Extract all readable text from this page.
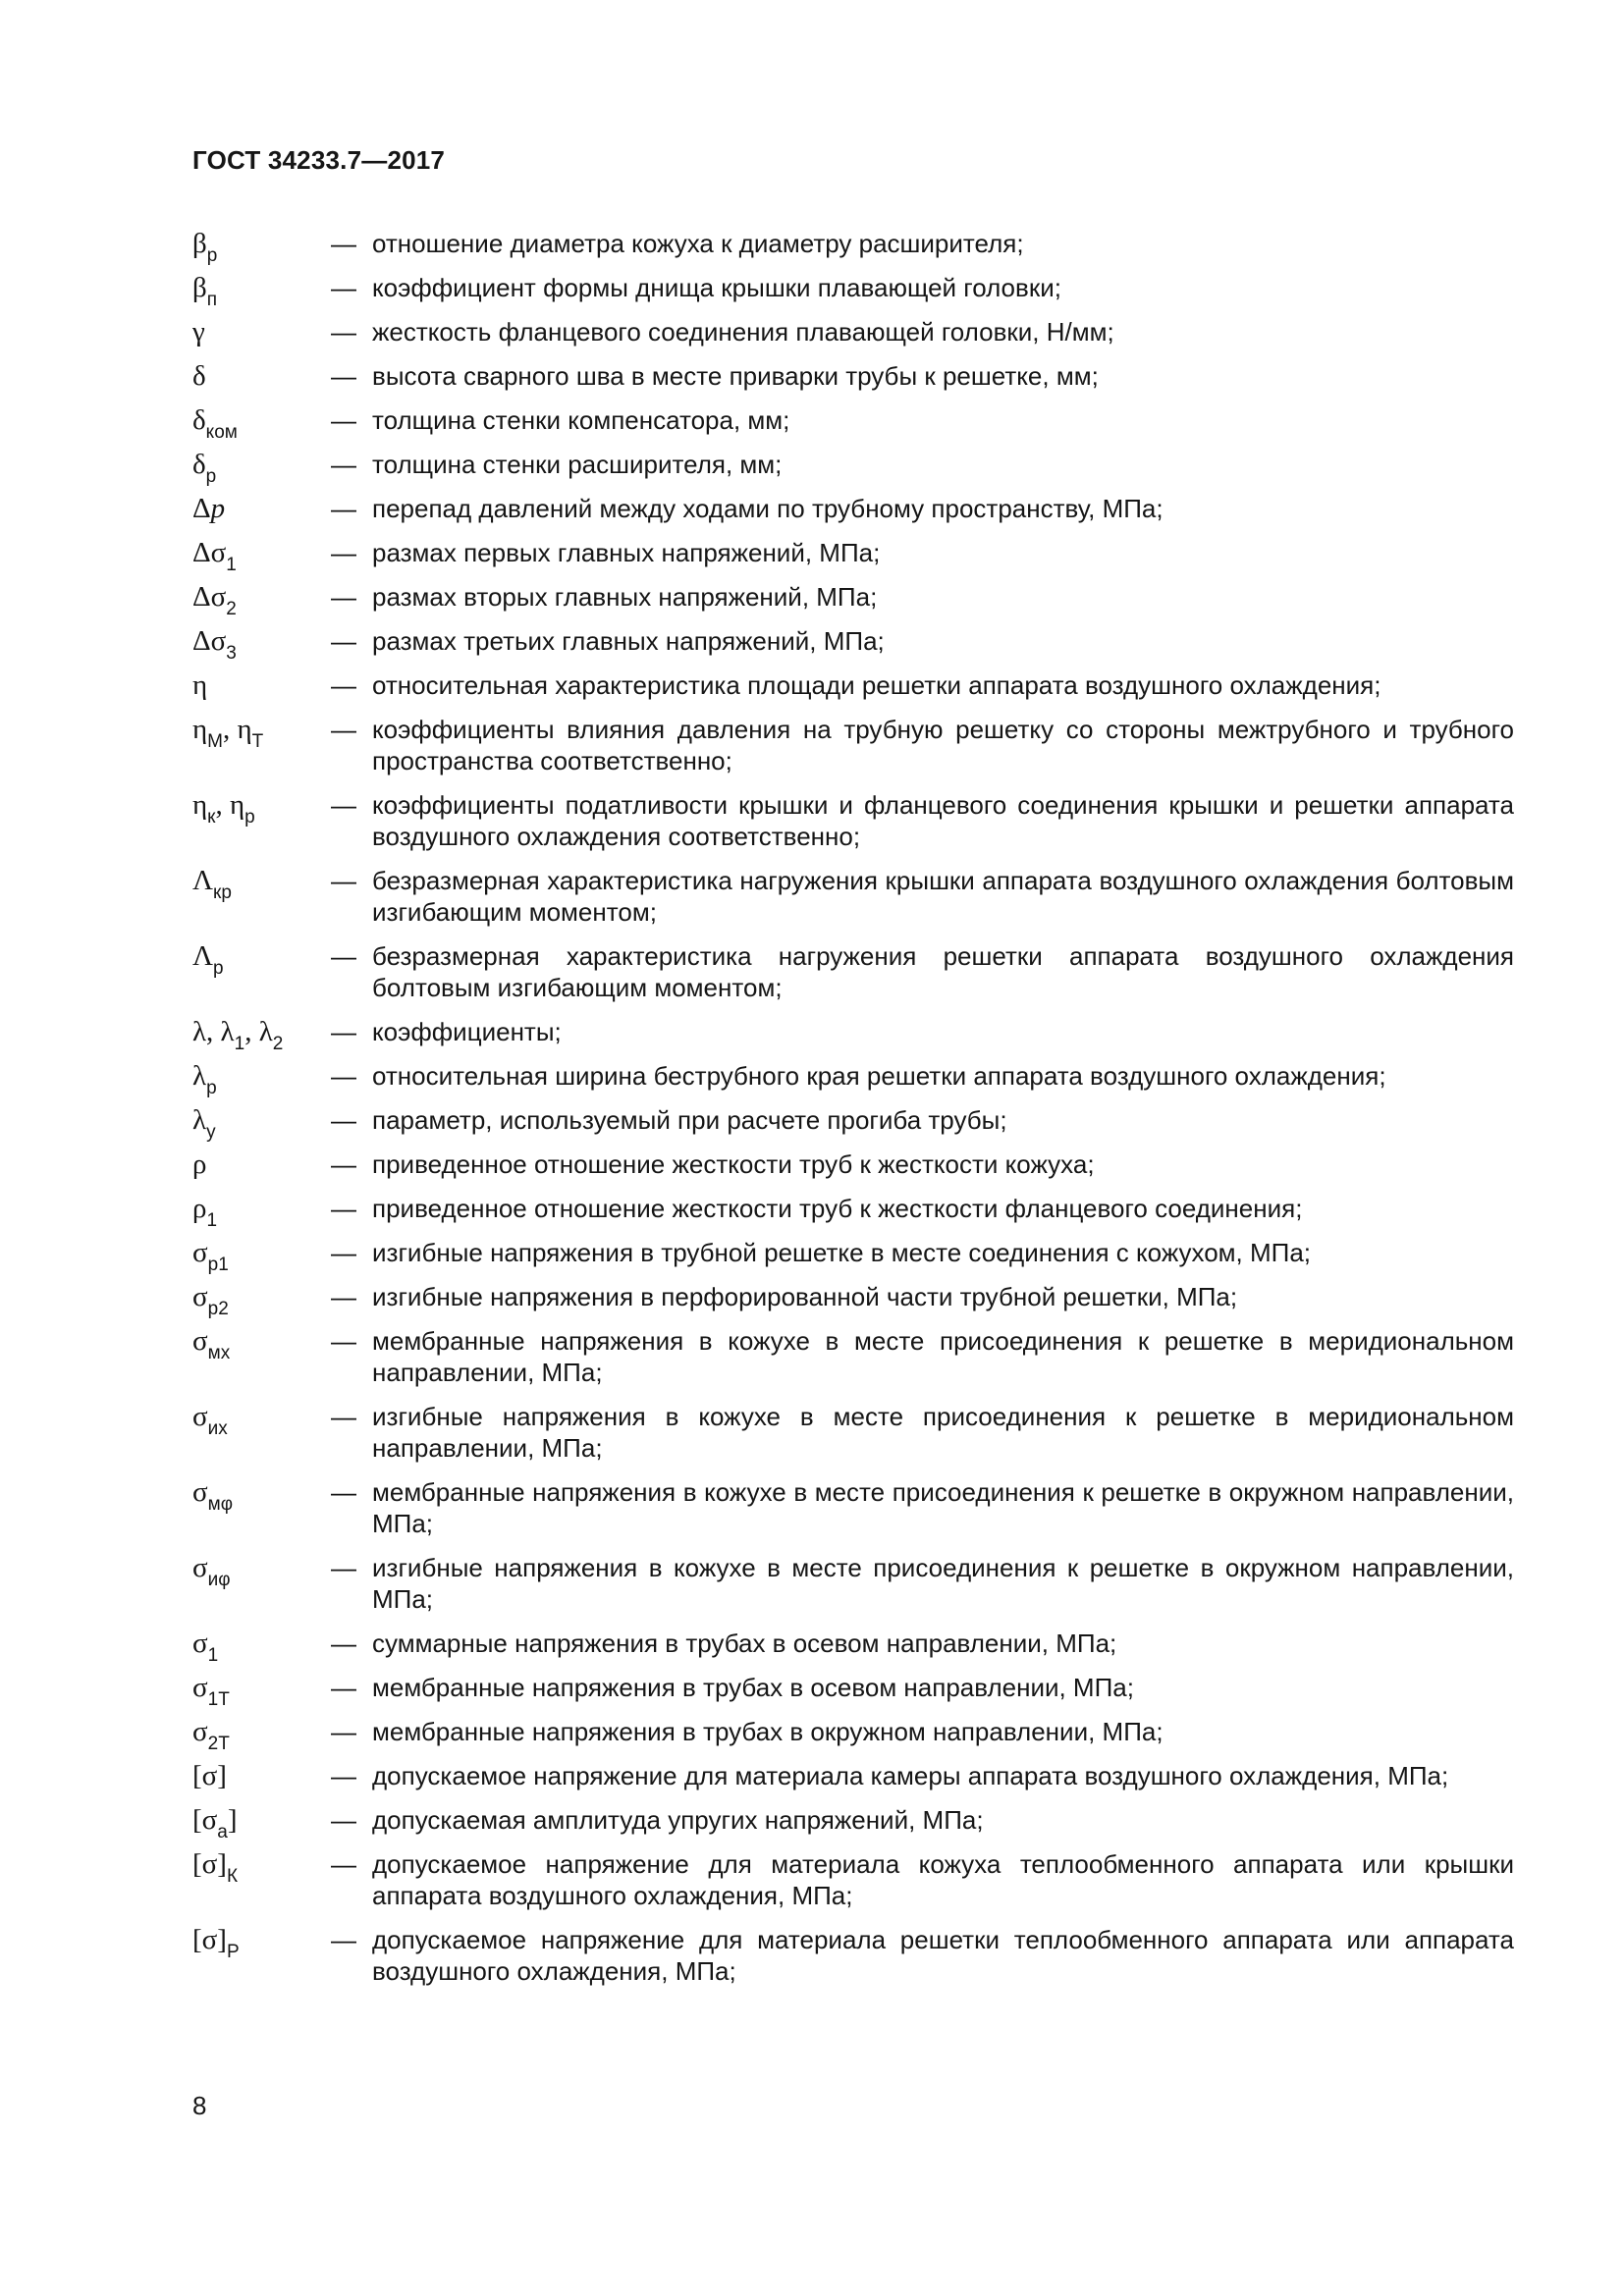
ГОСТ 34233.7—2017
$\beta_р$	— отношение диаметра кожуха к диаметру расширителя;
$\beta_п$	— коэффициент формы днища крышки плавающей головки;
γ	— жесткость фланцевого соединения плавающей головки, Н/мм;
δ	— высота сварного шва в месте приварки трубы к решетке, мм;
$\delta_{ком}$	— толщина стенки компенсатора, мм;
$\delta_р$	— толщина стенки расширителя, мм;
Δp	— перепад давлений между ходами по трубному пространству, МПа;
$\Delta\sigma_1$	— размах первых главных напряжений, МПа;
$\Delta\sigma_2$	— размах вторых главных напряжений, МПа;
$\Delta\sigma_3$	— размах третьих главных напряжений, МПа;
η	— относительная характеристика площади решетки аппарата воздушного охлаждения;
$\eta_М$, $\eta_Т$	— коэффициенты влияния давления на трубную решетку со стороны межтрубного и трубного пространства соответственно;
$\eta_к$, $\eta_р$	— коэффициенты податливости крышки и фланцевого соединения крышки и решетки аппарата воздушного охлаждения соответственно;
$\Lambda_{кр}$	— безразмерная характеристика нагружения крышки аппарата воздушного охлаждения болтовым изгибающим моментом;
$\Lambda_р$	— безразмерная характеристика нагружения решетки аппарата воздушного охлаждения болтовым изгибающим моментом;
λ, $\lambda_1$, $\lambda_2$	— коэффициенты;
$\lambda_р$	— относительная ширина беструбного края решетки аппарата воздушного охлаждения;
$\lambda_у$	— параметр, используемый при расчете прогиба трубы;
ρ	— приведенное отношение жесткости труб к жесткости кожуха;
$\rho_1$	— приведенное отношение жесткости труб к жесткости фланцевого соединения;
$\sigma_{р1}$	— изгибные напряжения в трубной решетке в месте соединения с кожухом, МПа;
$\sigma_{р2}$	— изгибные напряжения в перфорированной части трубной решетки, МПа;
$\sigma_{мх}$	— мембранные напряжения в кожухе в месте присоединения к решетке в меридиональном направлении, МПа;
$\sigma_{их}$	— изгибные напряжения в кожухе в месте присоединения к решетке в меридиональном направлении, МПа;
$\sigma_{м\varphi}$	— мембранные напряжения в кожухе в месте присоединения к решетке в окружном направлении, МПа;
$\sigma_{и\varphi}$	— изгибные напряжения в кожухе в месте присоединения к решетке в окружном направлении, МПа;
$\sigma_1$	— суммарные напряжения в трубах в осевом направлении, МПа;
$\sigma_{1Т}$	— мембранные напряжения в трубах в осевом направлении, МПа;
$\sigma_{2Т}$	— мембранные напряжения в трубах в окружном направлении, МПа;
[σ]	— допускаемое напряжение для материала камеры аппарата воздушного охлаждения, МПа;
$[\sigma_a]$	— допускаемая амплитуда упругих напряжений, МПа;
$[\sigma]_К$	— допускаемое напряжение для материала кожуха теплообменного аппарата или крышки аппарата воздушного охлаждения, МПа;
$[\sigma]_Р$	— допускаемое напряжение для материала решетки теплообменного аппарата или аппарата воздушного охлаждения, МПа;
8
